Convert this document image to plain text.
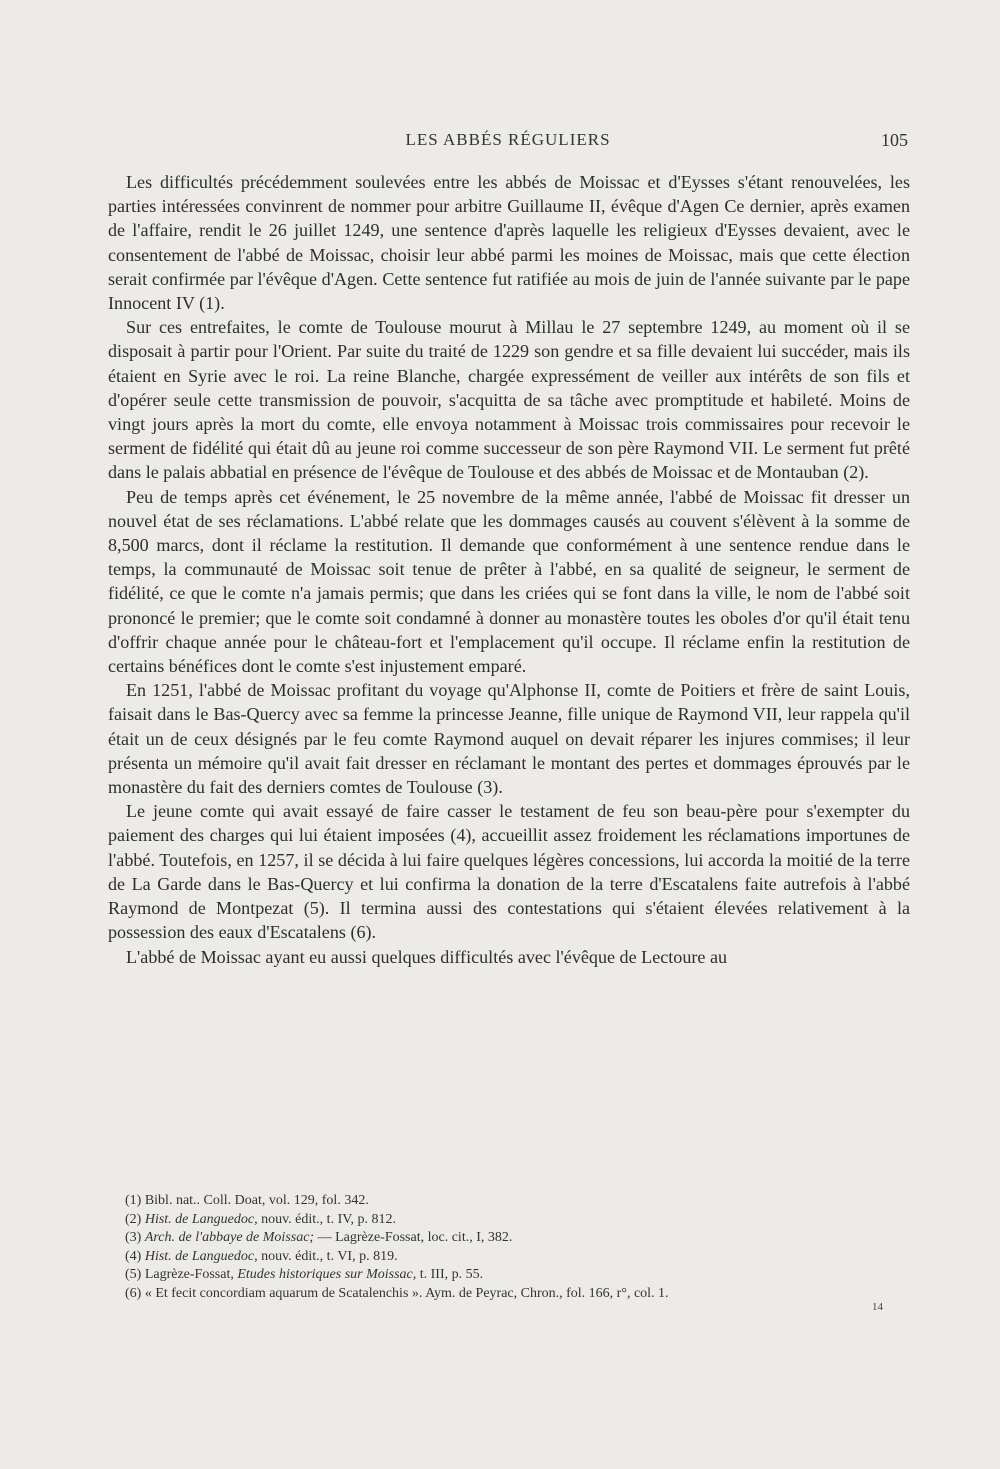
LES ABBÉS RÉGULIERS	105

Les difficultés précédemment soulevées entre les abbés de Moissac et d'Eysses s'étant renouvelées, les parties intéressées convinrent de nommer pour arbitre Guillaume II, évêque d'Agen Ce dernier, après examen de l'affaire, rendit le 26 juillet 1249, une sentence d'après laquelle les religieux d'Eysses devaient, avec le consentement de l'abbé de Moissac, choisir leur abbé parmi les moines de Moissac, mais que cette élection serait confirmée par l'évêque d'Agen. Cette sentence fut ratifiée au mois de juin de l'année suivante par le pape Innocent IV (1).

Sur ces entrefaites, le comte de Toulouse mourut à Millau le 27 septembre 1249, au moment où il se disposait à partir pour l'Orient. Par suite du traité de 1229 son gendre et sa fille devaient lui succéder, mais ils étaient en Syrie avec le roi. La reine Blanche, chargée expressément de veiller aux intérêts de son fils et d'opérer seule cette transmission de pouvoir, s'acquitta de sa tâche avec promptitude et habileté. Moins de vingt jours après la mort du comte, elle envoya notamment à Moissac trois commissaires pour recevoir le serment de fidélité qui était dû au jeune roi comme successeur de son père Raymond VII. Le serment fut prêté dans le palais abbatial en présence de l'évêque de Toulouse et des abbés de Moissac et de Montauban (2).

Peu de temps après cet événement, le 25 novembre de la même année, l'abbé de Moissac fit dresser un nouvel état de ses réclamations. L'abbé relate que les dommages causés au couvent s'élèvent à la somme de 8,500 marcs, dont il réclame la restitution. Il demande que conformément à une sentence rendue dans le temps, la communauté de Moissac soit tenue de prêter à l'abbé, en sa qualité de seigneur, le serment de fidélité, ce que le comte n'a jamais permis; que dans les criées qui se font dans la ville, le nom de l'abbé soit prononcé le premier; que le comte soit condamné à donner au monastère toutes les oboles d'or qu'il était tenu d'offrir chaque année pour le château-fort et l'emplacement qu'il occupe. Il réclame enfin la restitution de certains bénéfices dont le comte s'est injustement emparé.

En 1251, l'abbé de Moissac profitant du voyage qu'Alphonse II, comte de Poitiers et frère de saint Louis, faisait dans le Bas-Quercy avec sa femme la princesse Jeanne, fille unique de Raymond VII, leur rappela qu'il était un de ceux désignés par le feu comte Raymond auquel on devait réparer les injures commises; il leur présenta un mémoire qu'il avait fait dresser en réclamant le montant des pertes et dommages éprouvés par le monastère du fait des derniers comtes de Toulouse (3).

Le jeune comte qui avait essayé de faire casser le testament de feu son beau-père pour s'exempter du paiement des charges qui lui étaient imposées (4), accueillit assez froidement les réclamations importunes de l'abbé. Toutefois, en 1257, il se décida à lui faire quelques légères concessions, lui accorda la moitié de la terre de La Garde dans le Bas-Quercy et lui confirma la donation de la terre d'Escatalens faite autrefois à l'abbé Raymond de Montpezat (5). Il termina aussi des contestations qui s'étaient élevées relativement à la possession des eaux d'Escatalens (6).

L'abbé de Moissac ayant eu aussi quelques difficultés avec l'évêque de Lectoure au

(1) Bibl. nat.. Coll. Doat, vol. 129, fol. 342.
(2) Hist. de Languedoc, nouv. édit., t. IV, p. 812.
(3) Arch. de l'abbaye de Moissac; — Lagrèze-Fossat, loc. cit., I, 382.
(4) Hist. de Languedoc, nouv. édit., t. VI, p. 819.
(5) Lagrèze-Fossat, Etudes historiques sur Moissac, t. III, p. 55.
(6) « Et fecit concordiam aquarum de Scatalenchis ». Aym. de Peyrac, Chron., fol. 166, r°, col. 1.
14
